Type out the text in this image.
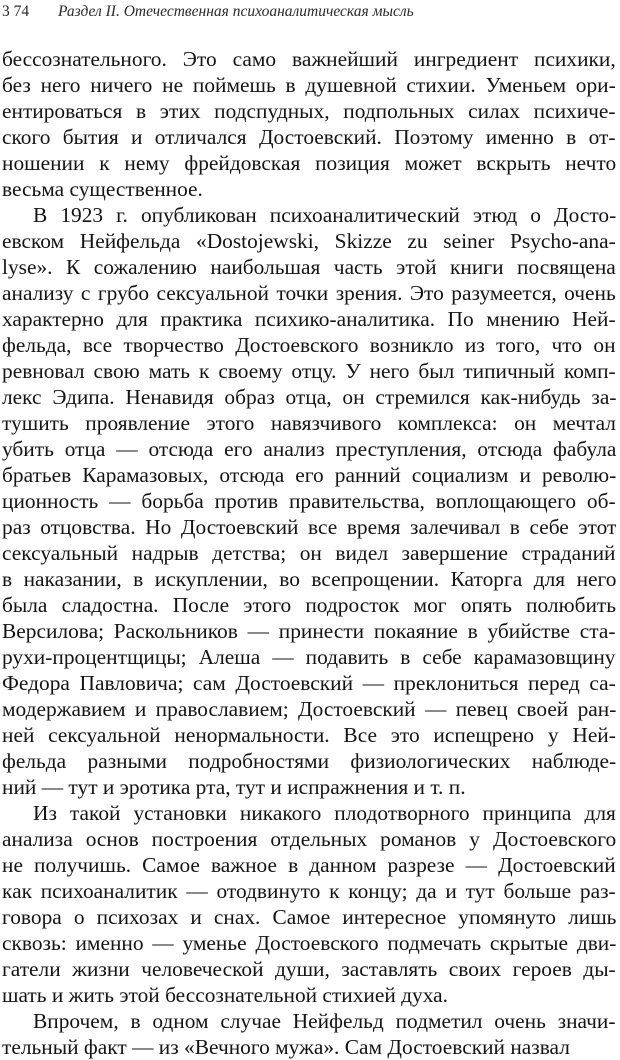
3 74 Раздел II. Отечественная психоаналитическая мысль
бессознательного. Это само важнейший ингредиент психики,
без него ничего не поймешь в душевной стихии. Уменьем ори-
ентироваться в этих подспудных, подпольных силах психиче-
ского бытия и отличался Достоевский. Поэтому именно в от-
ношении к нему фрейдовская позиция может вскрыть нечто
весьма существенное.
В 1923 г. опубликован психоаналитический этюд о Досто-
евском Нейфельда «Dostojewski, Skizze zu seiner Psycho-ana-
lyse». К сожалению наибольшая часть этой книги посвящена
анализу с грубо сексуальной точки зрения. Это разумеется, очень
характерно для практика психико-аналитика. По мнению Ней-
фельда, все творчество Достоевского возникло из того, что он
ревновал свою мать к своему отцу. У него был типичный комп-
лекс Эдипа. Ненавидя образ отца, он стремился как-нибудь за-
тушить проявление этого навязчивого комплекса: он мечтал
убить отца — отсюда его анализ преступления, отсюда фабула
братьев Карамазовых, отсюда его ранний социализм и револю-
ционность — борьба против правительства, воплощающего об-
раз отцовства. Но Достоевский все время залечивал в себе этот
сексуальный надрыв детства; он видел завершение страданий
в наказании, в искуплении, во всепрощении. Каторга для него
была сладостна. После этого подросток мог опять полюбить
Версилова; Раскольников — принести покаяние в убийстве ста-
рухи-процентщицы; Алеша — подавить в себе карамазовщину
Федора Павловича; сам Достоевский — преклониться перед са-
модержавием и православием; Достоевский — певец своей ран-
ней сексуальной ненормальности. Все это испещрено у Ней-
фельда разными подробностями физиологических наблюде-
ний — тут и эротика рта, тут и испражнения и т. п.
Из такой установки никакого плодотворного принципа для
анализа основ построения отдельных романов у Достоевского
не получишь. Самое важное в данном разрезе — Достоевский
как психоаналитик — отодвинуто к концу; да и тут больше раз-
говора о психозах и снах. Самое интересное упомянуто лишь
сквозь: именно — уменье Достоевского подмечать скрытые дви-
гатели жизни человеческой души, заставлять своих героев ды-
шать и жить этой бессознательной стихией духа.
Впрочем, в одном случае Нейфельд подметил очень значи-
тельный факт — из «Вечного мужа». Сам Достоевский назвал
